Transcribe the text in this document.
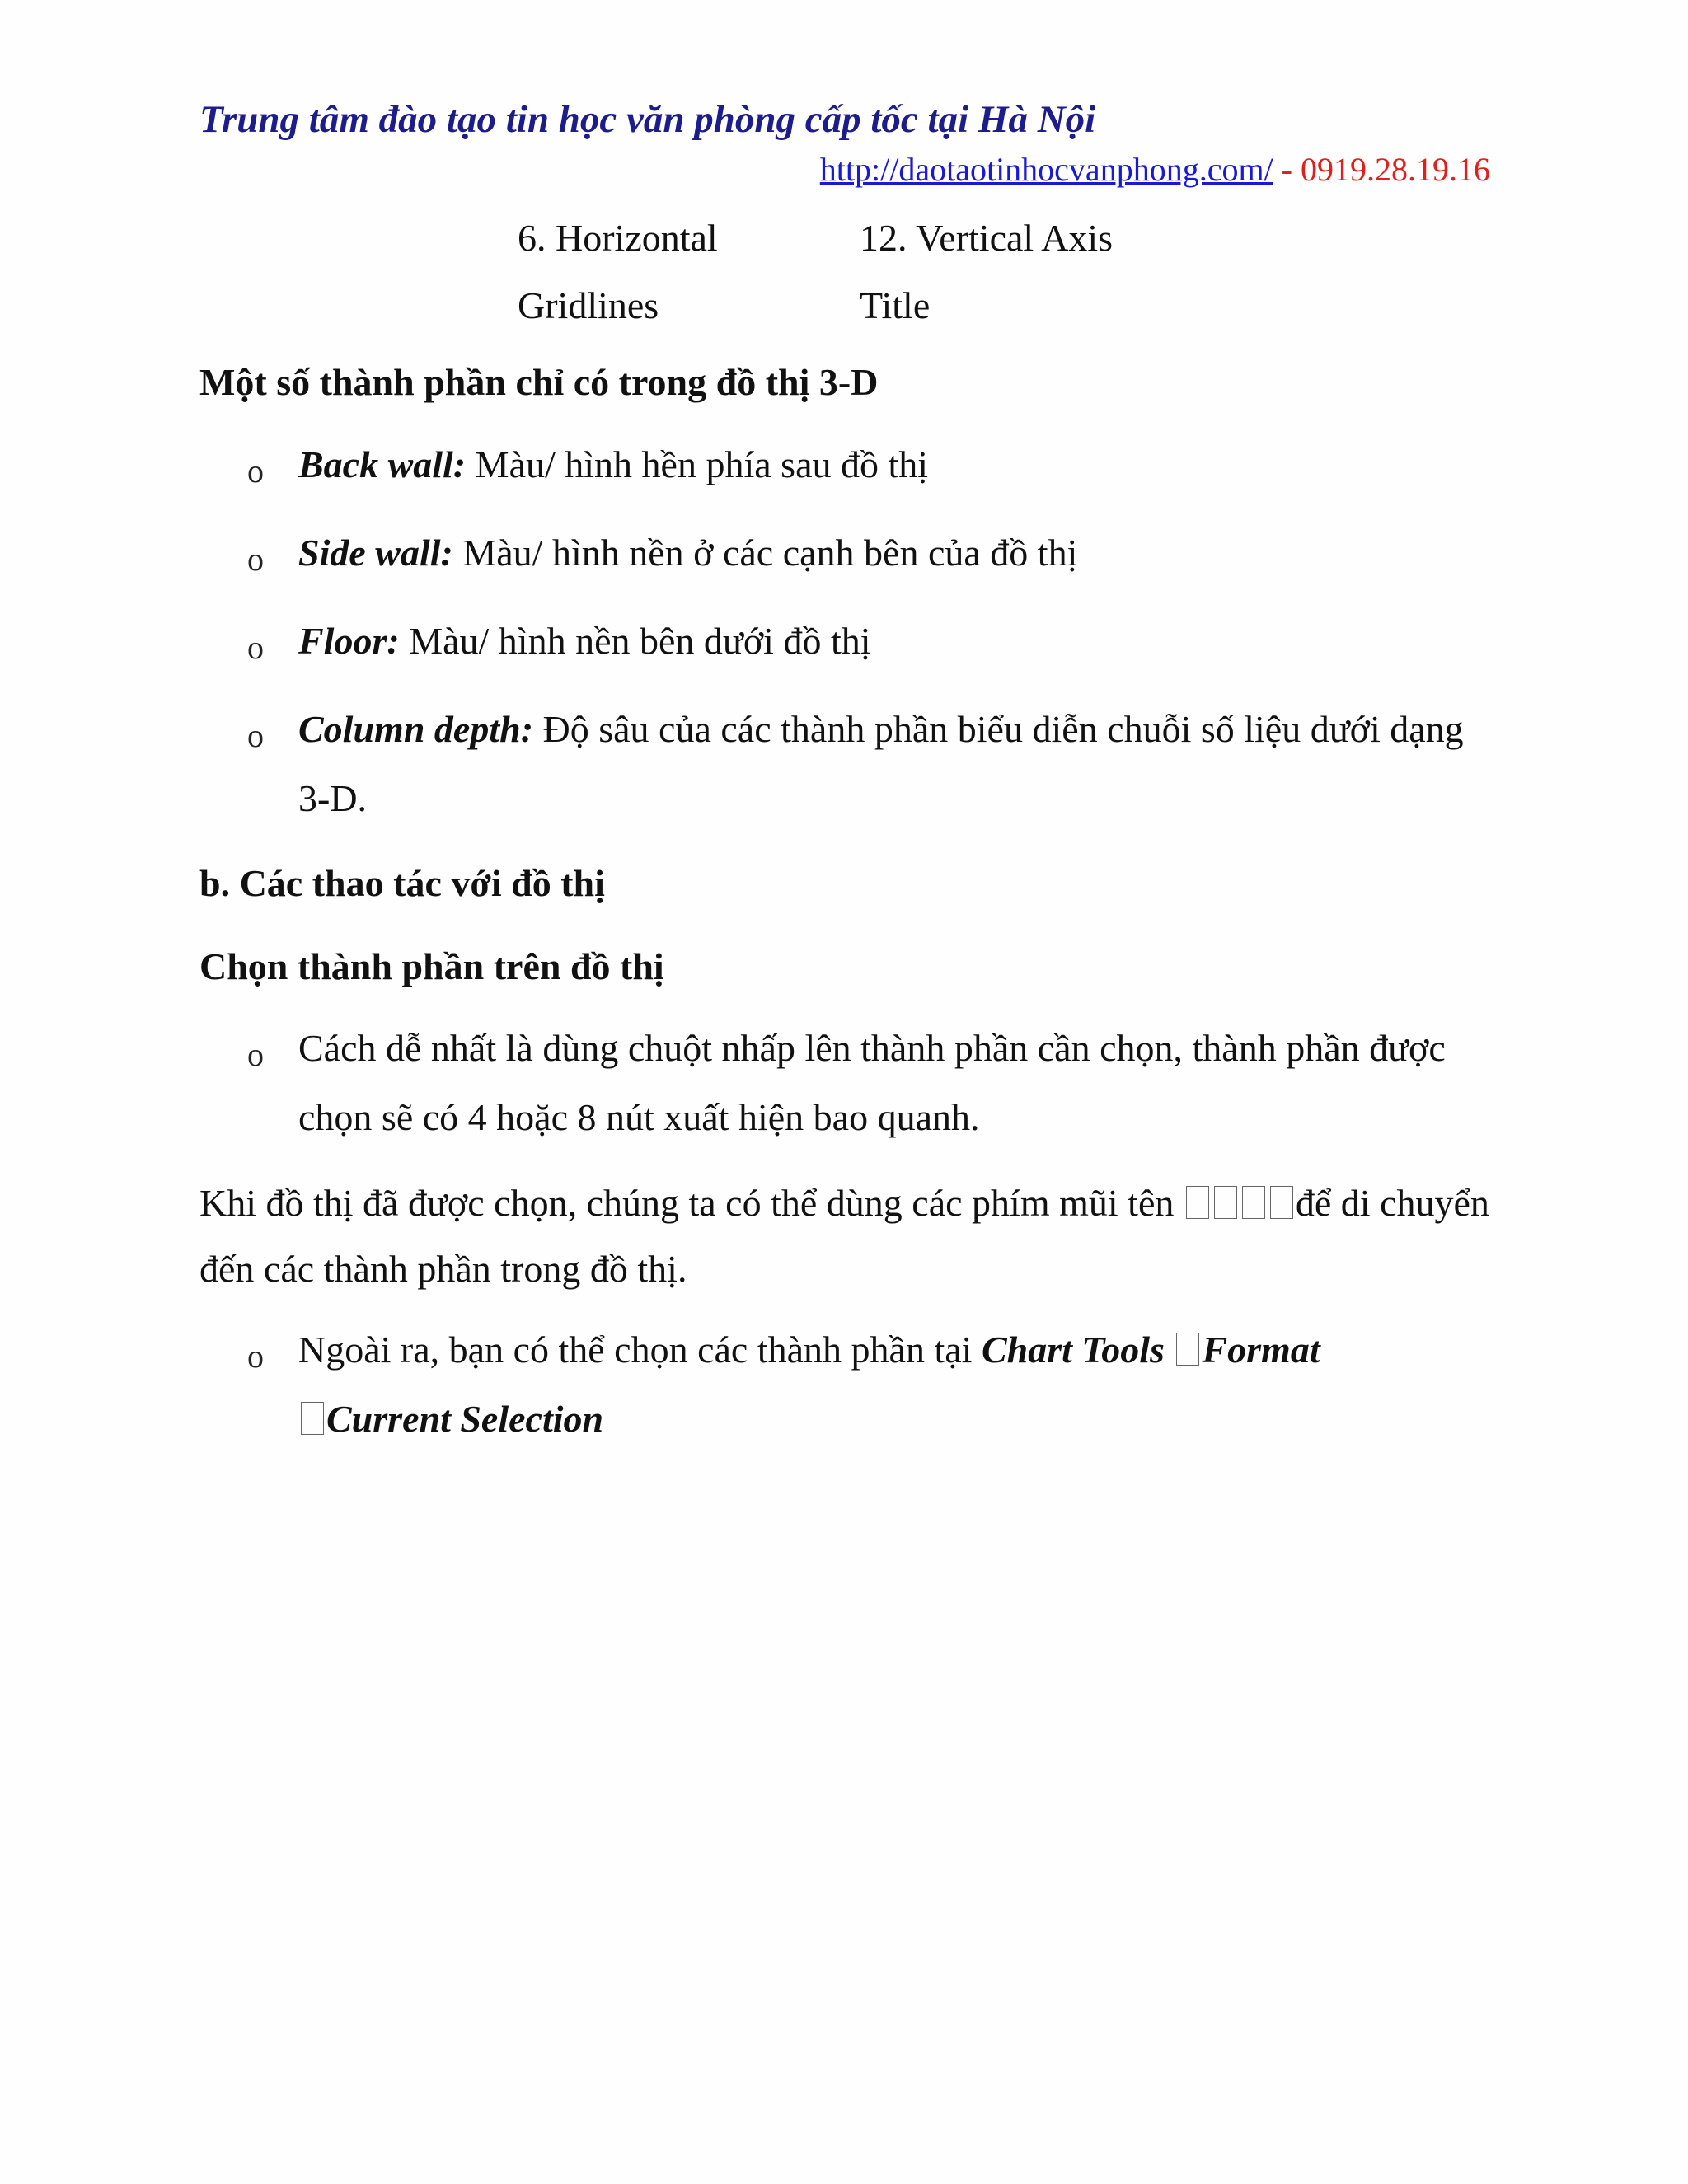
Trung tâm đào tạo tin học văn phòng cấp tốc tại Hà Nội
http://daotaotinhocvanphong.com/ - 0919.28.19.16
6. Horizontal
Gridlines
12. Vertical Axis
Title
Một số thành phần chỉ có trong đồ thị 3-D
o Back wall: Màu/ hình hền phía sau đồ thị
o Side wall: Màu/ hình nền ở các cạnh bên của đồ thị
o Floor: Màu/ hình nền bên dưới đồ thị
o Column depth: Độ sâu của các thành phần biểu diễn chuỗi số liệu dưới dạng 3-D.
b. Các thao tác với đồ thị
Chọn thành phần trên đồ thị
o Cách dễ nhất là dùng chuột nhấp lên thành phần cần chọn, thành phần được chọn sẽ có 4 hoặc 8 nút xuất hiện bao quanh.
Khi đồ thị đã được chọn, chúng ta có thể dùng các phím mũi tên	để di chuyển đến các thành phần trong đồ thị.
o Ngoài ra, bạn có thể chọn các thành phần tại Chart Tools Format
Current Selection
